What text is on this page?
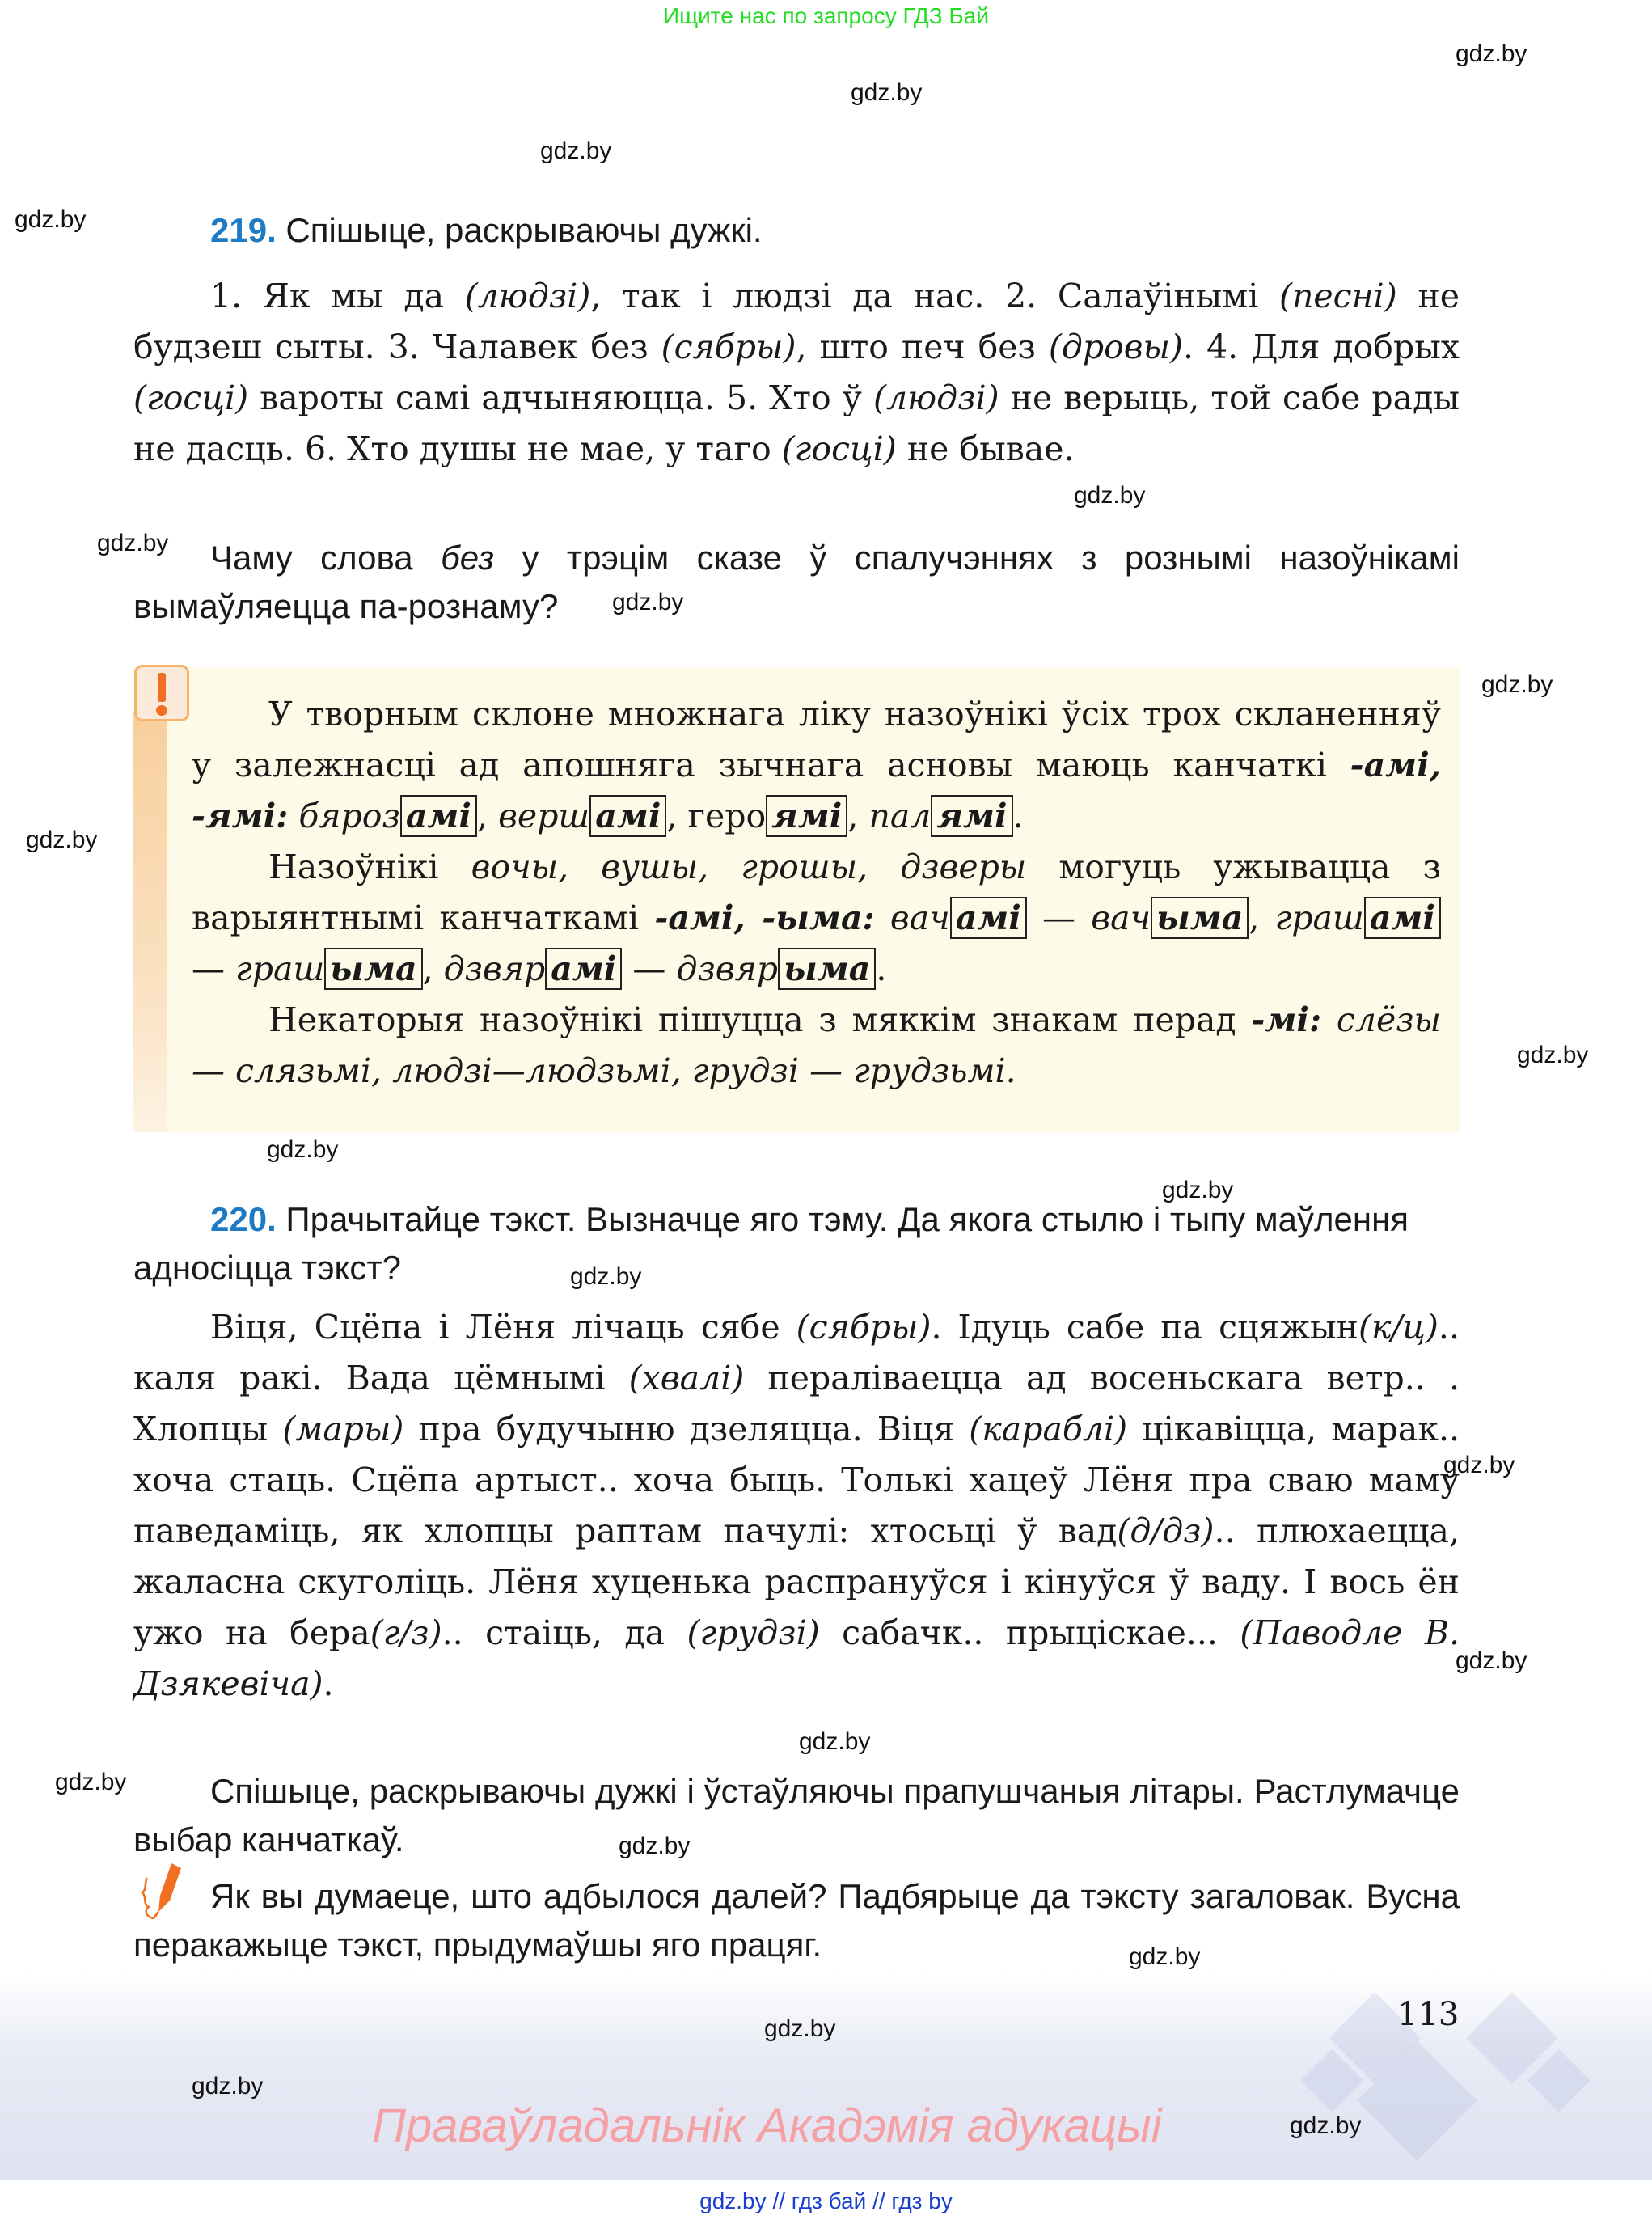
Ищите нас по запросу ГДЗ Бай
gdz.by
gdz.by
gdz.by
gdz.by
gdz.by
gdz.by
gdz.by
gdz.by
gdz.by
gdz.by
gdz.by
gdz.by
gdz.by
gdz.by
gdz.by
gdz.by
gdz.by
gdz.by
gdz.by
219. Спішыце, раскрываючы дужкі.
1. Як мы да (людзі), так і людзі да нас. 2. Салаўінымі (песні) не будзеш сыты. 3. Чалавек без (сябры), што печ без (дровы). 4. Для добрых (госці) вароты самі адчыняюцца. 5. Хто ў (людзі) не верыць, той сабе рады не дасць. 6. Хто душы не мае, у таго (госці) не бывае.
Чаму слова без у трэцім сказе ў спалучэннях з рознымі назоўнікамі вымаўляецца па-рознаму?
У творным склоне множнага ліку назоўнікі ўсіх трох скланенняў у залежнасці ад апошняга зычнага асновы маюць канчаткі -амі, -ямі: бяроз амі , верш амі , геро ямі , пал ямі .
Назоўнікі вочы, вушы, грошы, дзверы могуць ужывацца з варыянтнымі канчаткамі -амі, -ыма: вач амі — вач ыма , граш амі — граш ыма , дзвяр амі — дзвяр ыма .
Некаторыя назоўнікі пішуцца з мяккім знакам перад -мі: слёзы — слязьмі, людзі—людзьмі, грудзі — грудзьмі.
220. Прачытайце тэкст. Вызначце яго тэму. Да якога стылю і тыпу маўлення адносіцца тэкст?
Віця, Сцёпа і Лёня лічаць сябе (сябры). Ідуць сабе па сцяжын(к/ц).. каля ракі. Вада цёмнымі (хвалі) пераліваецца ад восеньскага ветр.. . Хлопцы (мары) пра будучыню дзеляцца. Віця (караблі) цікавіцца, марак.. хоча стаць. Сцёпа артыст.. хоча быць. Толькі хацеў Лёня пра сваю маму паведаміць, як хлопцы раптам пачулі: хтосьці ў вад(д/дз).. плюхаецца, жаласна скуголіць. Лёня хуценька распрануўся і кінуўся ў ваду. І вось ён ужо на бера(г/з).. стаіць, да (грудзі) сабачк.. прыціскае... (Паводле В. Дзякевіча).
Спішыце, раскрываючы дужкі і ўстаўляючы прапушчаныя літары. Растлумачце выбар канчаткаў.
Як вы думаеце, што адбылося далей? Падбярыце да тэксту загаловак. Вусна перакажыце тэкст, прыдумаўшы яго працяг.
113
gdz.by
gdz.by
Праваўладальнік Акадэмія адукацыі	gdz.by
gdz.by // гдз бай // гдз by
